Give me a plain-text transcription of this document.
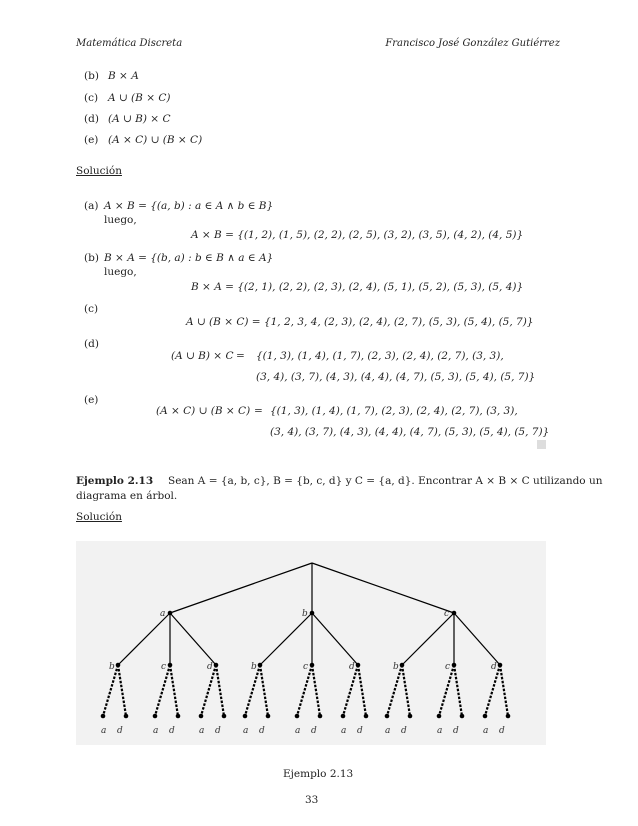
Matemática Discreta	Francisco José González Gutiérrez
(b) B × A
(c) A ∪ (B × C)
(d) (A ∪ B) × C
(e) (A × C) ∪ (B × C)
Solución
(a) A × B = {(a, b) : a ∈ A ∧ b ∈ B}
luego,
A × B = {(1, 2), (1, 5), (2, 2), (2, 5), (3, 2), (3, 5), (4, 2), (4, 5)}
(b) B × A = {(b, a) : b ∈ B ∧ a ∈ A}
luego,
B × A = {(2, 1), (2, 2), (2, 3), (2, 4), (5, 1), (5, 2), (5, 3), (5, 4)}
(c)
A ∪ (B × C) = {1, 2, 3, 4, (2, 3), (2, 4), (2, 7), (5, 3), (5, 4), (5, 7)}
(d)
(A ∪ B) × C = {(1, 3), (1, 4), (1, 7), (2, 3), (2, 4), (2, 7), (3, 3),
(3, 4), (3, 7), (4, 3), (4, 4), (4, 7), (5, 3), (5, 4), (5, 7)}
(e)
(A × C) ∪ (B × C) = {(1, 3), (1, 4), (1, 7), (2, 3), (2, 4), (2, 7), (3, 3),
(3, 4), (3, 7), (4, 3), (4, 4), (4, 7), (5, 3), (5, 4), (5, 7)}
Ejemplo 2.13 Sean A = {a, b, c}, B = {b, c, d} y C = {a, d}. Encontrar A × B × C utilizando un
diagrama en árbol.
Solución
a d
b
a d
c
a d
d
a
a d
b
a d
c
a d
d
b
a d
b
a d
c
a d
d
c
Ejemplo 2.13
33
